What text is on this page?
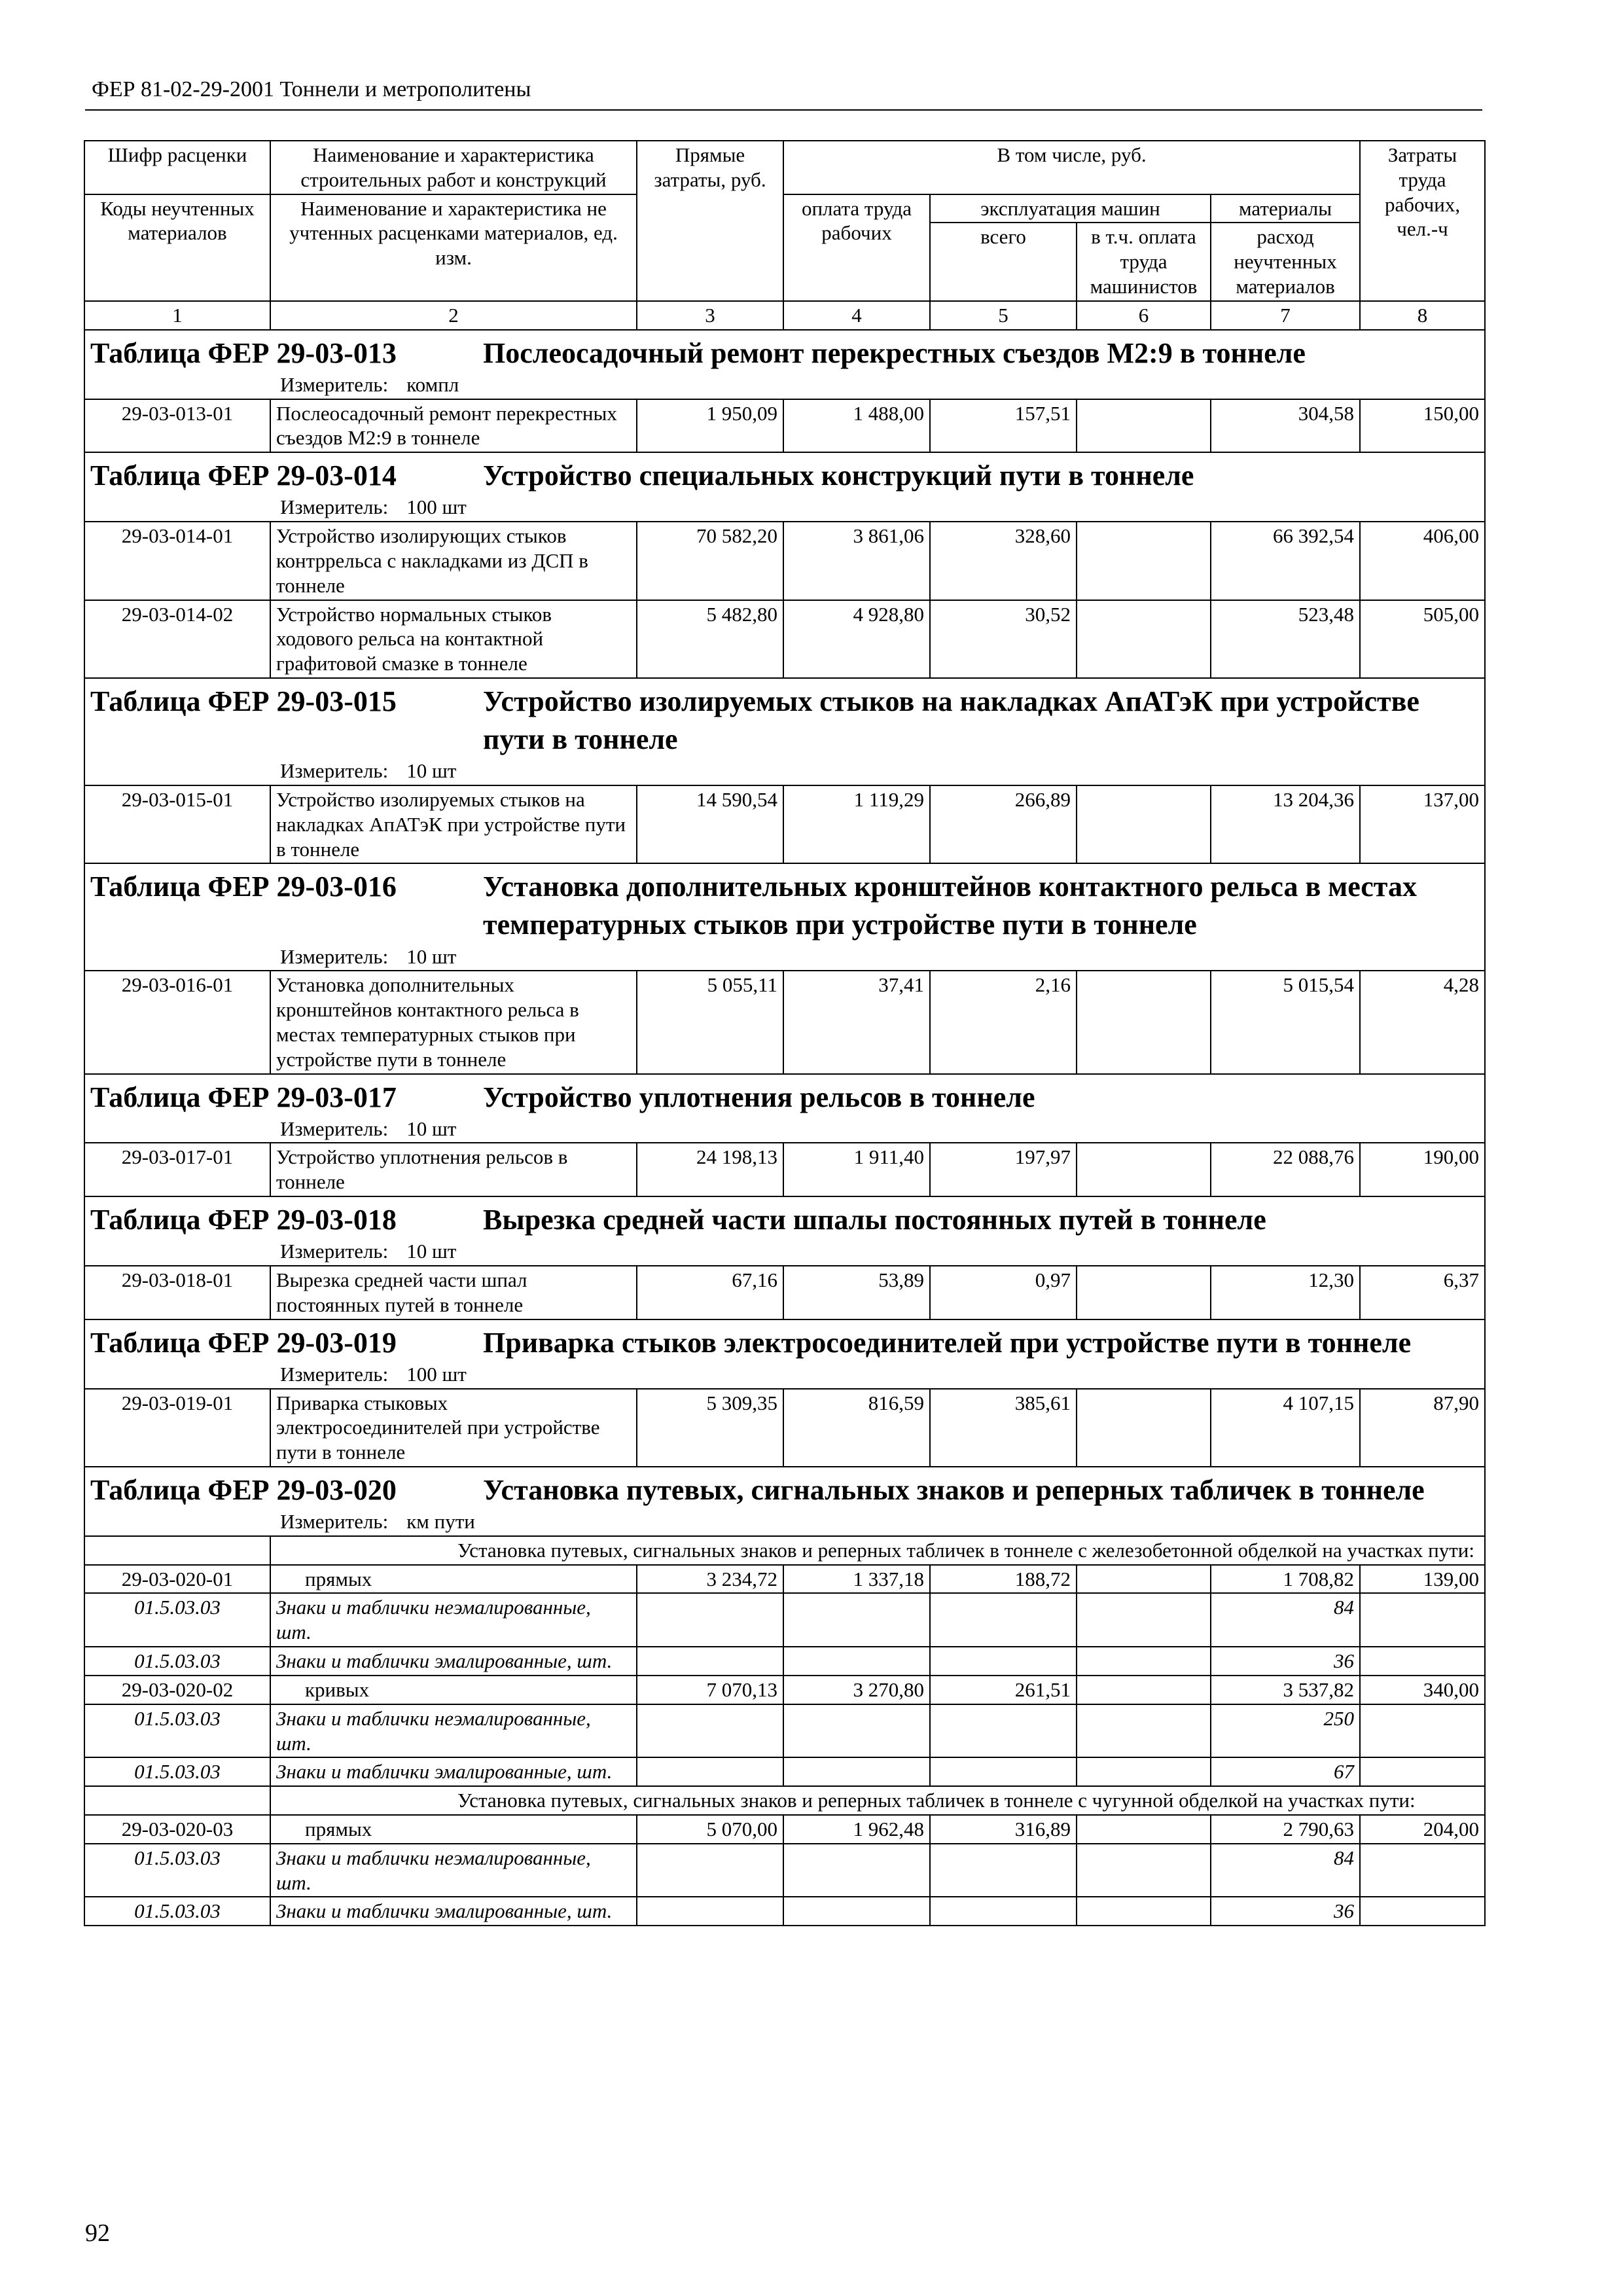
ФЕР 81-02-29-2001 Тоннели и метрополитены
Шифр расценки	Наименование и характеристика строительных работ и конструкций	Прямые затраты, руб.	В том числе, руб.				Затраты труда рабочих, чел.-ч
Коды неучтенных материалов	Наименование и характеристика не учтенных расценками материалов, ед. изм.		оплата труда рабочих	эксплуатация машин		материалы	
				всего	в т.ч. оплата труда машинистов	расход неучтенных материалов	
1	2	3	4	5	6	7	8

Таблица ФЕР 29-03-013 Послеосадочный ремонт перекрестных съездов М2:9 в тоннеле							

Измеритель: компл							

29-03-013-01	Послеосадочный ремонт перекрестных съездов М2:9 в тоннеле	1 950,09	1 488,00	157,51		304,58	150,00

Таблица ФЕР 29-03-014 Устройство специальных конструкций пути в тоннеле							

Измеритель: 100 шт							

29-03-014-01	Устройство изолирующих стыков контррельса с накладками из ДСП в тоннеле	70 582,20	3 861,06	328,60		66 392,54	406,00
29-03-014-02	Устройство нормальных стыков ходового рельса на контактной графитовой смазке в тоннеле	5 482,80	4 928,80	30,52		523,48	505,00

Таблица ФЕР 29-03-015 Устройство изолируемых стыков на накладках АпАТэК при устройстве пути в тоннеле							

Измеритель: 10 шт							

29-03-015-01	Устройство изолируемых стыков на накладках АпАТэК при устройстве пути в тоннеле	14 590,54	1 119,29	266,89		13 204,36	137,00

Таблица ФЕР 29-03-016 Установка дополнительных кронштейнов контактного рельса в местах температурных стыков при устройстве пути в тоннеле							

Измеритель: 10 шт							

29-03-016-01	Установка дополнительных кронштейнов контактного рельса в местах температурных стыков при устройстве пути в тоннеле	5 055,11	37,41	2,16		5 015,54	4,28

Таблица ФЕР 29-03-017 Устройство уплотнения рельсов в тоннеле							

Измеритель: 10 шт							

29-03-017-01	Устройство уплотнения рельсов в тоннеле	24 198,13	1 911,40	197,97		22 088,76	190,00

Таблица ФЕР 29-03-018 Вырезка средней части шпалы постоянных путей в тоннеле							

Измеритель: 10 шт							

29-03-018-01	Вырезка средней части шпал постоянных путей в тоннеле	67,16	53,89	0,97		12,30	6,37

Таблица ФЕР 29-03-019 Приварка стыков электросоединителей при устройстве пути в тоннеле							

Измеритель: 100 шт							

29-03-019-01	Приварка стыковых электросоединителей при устройстве пути в тоннеле	5 309,35	816,59	385,61		4 107,15	87,90

Таблица ФЕР 29-03-020 Установка путевых, сигнальных знаков и реперных табличек в тоннеле							

Измеритель: км пути							

	Установка путевых, сигнальных знаков и реперных табличек в тоннеле с железобетонной обделкой на участках пути:						
29-03-020-01	прямых	3 234,72	1 337,18	188,72		1 708,82	139,00
01.5.03.03	Знаки и таблички неэмалированные, шт.					84	
01.5.03.03	Знаки и таблички эмалированные, шт.					36	
29-03-020-02	кривых	7 070,13	3 270,80	261,51		3 537,82	340,00
01.5.03.03	Знаки и таблички неэмалированные, шт.					250	
01.5.03.03	Знаки и таблички эмалированные, шт.					67	
	Установка путевых, сигнальных знаков и реперных табличек в тоннеле с чугунной обделкой на участках пути:						
29-03-020-03	прямых	5 070,00	1 962,48	316,89		2 790,63	204,00
01.5.03.03	Знаки и таблички неэмалированные, шт.					84	
01.5.03.03	Знаки и таблички эмалированные, шт.					36	
92
